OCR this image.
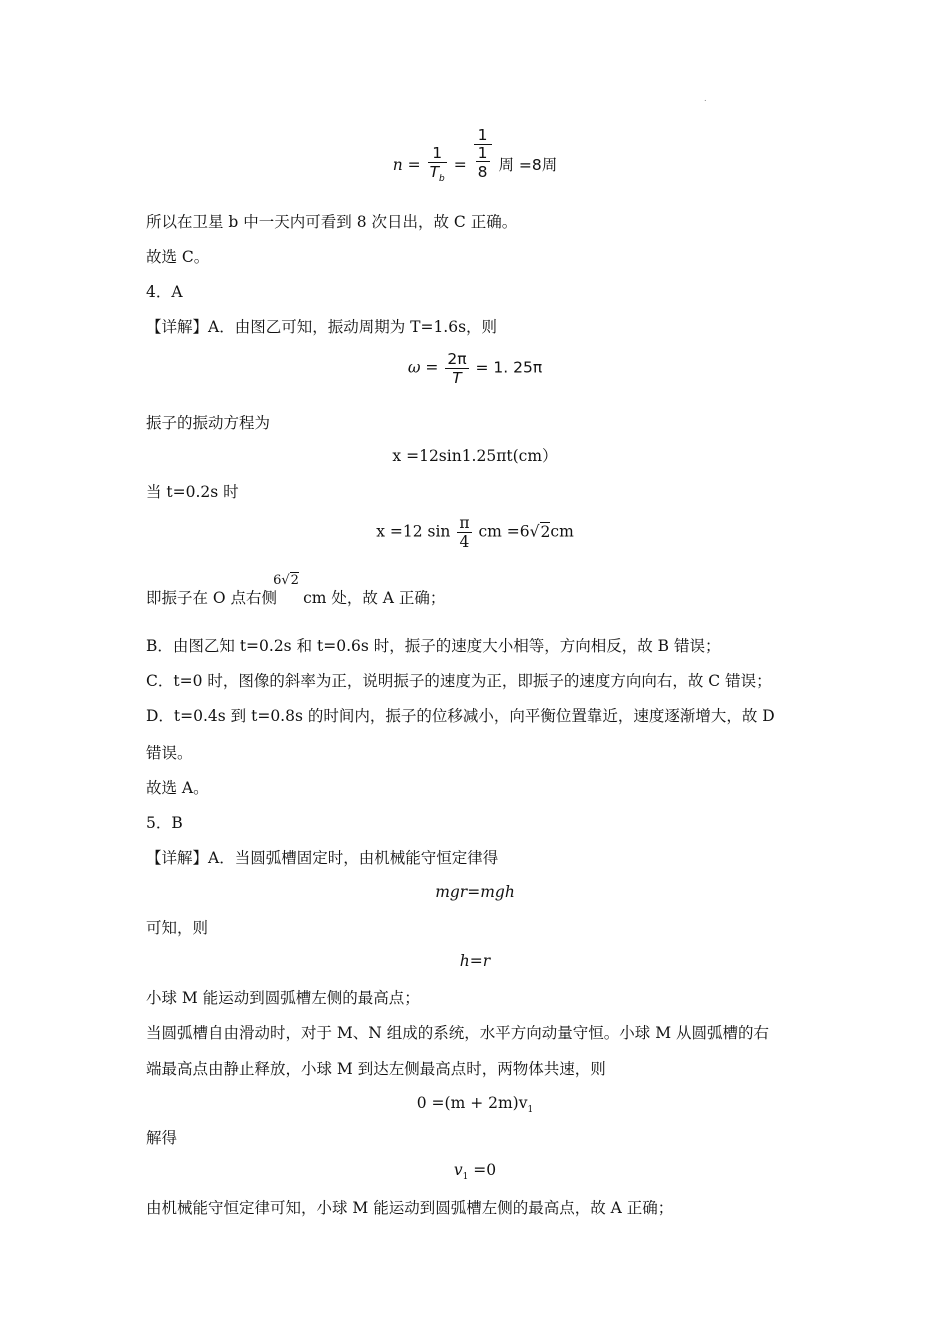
.
$n = \frac{1}{T_b} = \frac{1}{\frac{1}{8}}$ 周 =8周
所以在卫星 b 中一天内可看到 8 次日出，故 C 正确。
故选 C。
4．A
【详解】A．由图乙可知，振动周期为 T=1.6s，则
$\omega = \frac{2\pi}{T} = 1$. 25π
振子的振动方程为
x =12sin1.25πt(cm）
当 t=0.2s 时
x =12 $\sin \frac{\pi}{4}$ cm =6√2cm
即振子在 O 点右侧
6√2
cm 处，故 A 正确；
B．由图乙知 t=0.2s 和 t=0.6s 时，振子的速度大小相等，方向相反，故 B 错误；
C．t=0 时，图像的斜率为正，说明振子的速度为正，即振子的速度方向向右，故 C 错误；
D．t=0.4s 到 t=0.8s 的时间内，振子的位移减小，向平衡位置靠近，速度逐渐增大，故 D
错误。
故选 A。
5．B
【详解】A．当圆弧槽固定时，由机械能守恒定律得
mgr=mgh
可知，则
h=r
小球 M 能运动到圆弧槽左侧的最高点；
当圆弧槽自由滑动时，对于 M、N 组成的系统，水平方向动量守恒。小球 M 从圆弧槽的右
端最高点由静止释放，小球 M 到达左侧最高点时，两物体共速，则
$0 =(m + 2m)v_1$
解得
$v_1 =0$
由机械能守恒定律可知，小球 M 能运动到圆弧槽左侧的最高点，故 A 正确；
